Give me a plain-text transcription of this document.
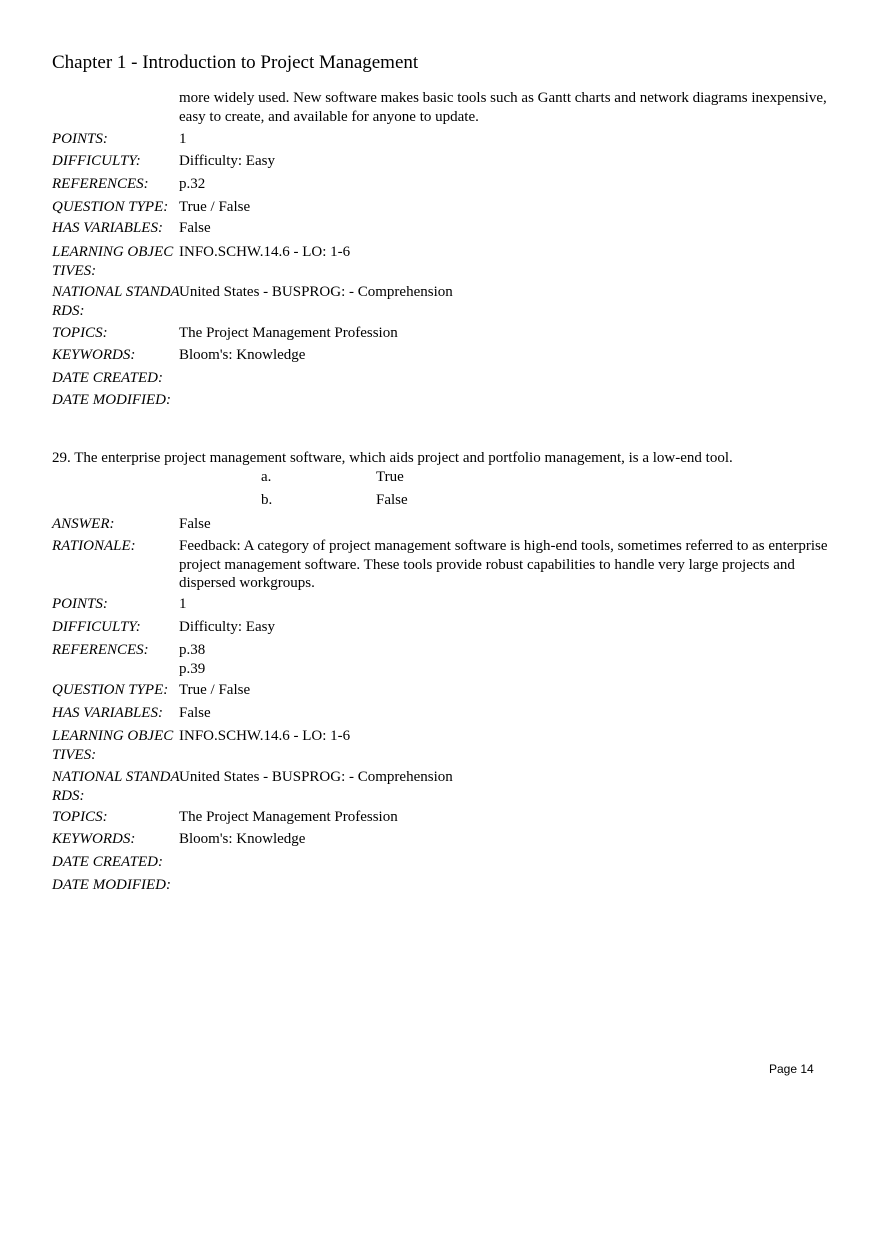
Chapter 1 - Introduction to Project Management
more widely used. New software makes basic tools such as Gantt charts and network diagrams inexpensive, easy to create, and available for anyone to update.
POINTS:	1
DIFFICULTY:	Difficulty: Easy
REFERENCES:	p.32
QUESTION TYPE: True / False
HAS VARIABLES:	False
LEARNING OBJECTIVES:
INFO.SCHW.14.6 - LO: 1-6
NATIONAL STANDARDS:
United States - BUSPROG: - Comprehension
TOPICS:	The Project Management Profession
KEYWORDS:	Bloom's: Knowledge
DATE CREATED:
DATE MODIFIED:
29. The enterprise project management software, which aids project and portfolio management, is a low-end tool.
a.	True
b.	False
ANSWER:	False
RATIONALE:	Feedback: A category of project management software is high-end tools, sometimes referred to as enterprise project management software. These tools provide robust capabilities to handle very large projects and dispersed workgroups.
POINTS:	1
DIFFICULTY:	Difficulty: Easy
REFERENCES:	p.38
p.39
QUESTION TYPE: True / False
HAS VARIABLES:	False
LEARNING OBJECTIVES:
INFO.SCHW.14.6 - LO: 1-6
NATIONAL STANDARDS:
United States - BUSPROG: - Comprehension
TOPICS:	The Project Management Profession
KEYWORDS:	Bloom's: Knowledge
DATE CREATED:
DATE MODIFIED:
Page 14
